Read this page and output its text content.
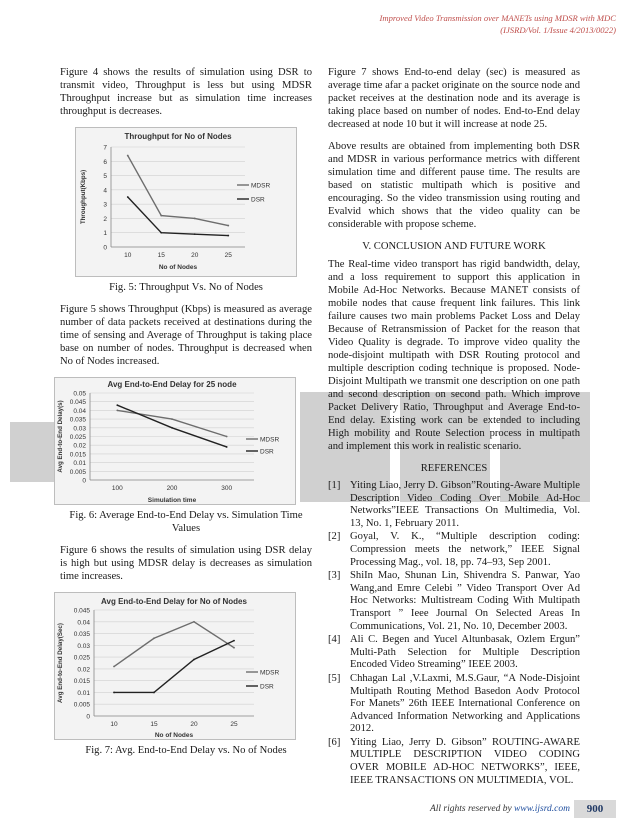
Improved Video Transmission over MANETs using MDSR with MDC
(IJSRD/Vol. 1/Issue 4/2013/0022)

Figure 4 shows the results of simulation using DSR to transmit video, Throughput is less but using MDSR Throughput increase but as simulation time increases throughput is decreases.

Throughput for No of Nodes
0
1
2
3
4
5
6
7
10	15	20	25
No of Nodes
Throughput(Kbps)	MDSR
DSR
Fig. 5: Throughput Vs. No of Nodes

Figure 5 shows Throughput (Kbps) is measured as average number of data packets received at destinations during the time of sensing and Average of Throughput is taking place base on number of nodes. Throughput is decreased when No of Nodes increased.

Avg End-to-End Delay for 25 node
0
0.005
0.01
0.015
0.02
0.025
0.03
0.035
0.04
0.045
0.05
100	200	300
Simulation time
Avg End-to-End Delay(s)	MDSR
DSR
Fig. 6: Average End-to-End Delay vs. Simulation Time Values

Figure 6 shows the results of simulation using DSR delay is high but using MDSR delay is decreases as simulation time increases.

Avg End-to-End Delay for No of Nodes
0
0.005
0.01
0.015
0.02
0.025
0.03
0.035
0.04
0.045
10	15	20	25
No of Nodes
Avg End-to-End Delay(Sec)	MDSR
DSR
Fig. 7: Avg. End-to-End Delay vs. No of Nodes

Figure 7 shows End-to-end delay (sec) is measured as average time afar a packet originate on the source node and packet receives at the destination node and its average is taking place based on number of nodes. End-to-End delay decreased at node 10 but it will increase at node 25.

Above results are obtained from implementing both DSR and MDSR in various performance metrics with different simulation time and different pause time. The results are based on statistic multipath which is positive and encouraging. So the video transmission using routing and Evalvid which shows that the video quality can be considerable with propose scheme.

V. CONCLUSION AND FUTURE WORK

The Real-time video transport has rigid bandwidth, delay, and a loss requirement to support this application in Mobile Ad-Hoc Networks. Because MANET consists of mobile nodes that cause frequent link failures. This link failure causes two main problems Packet Loss and Delay Because of Retransmission of Packet for the reason that Video Quality is degrade. To improve video quality the node-disjoint multipath with DSR Routing protocol and multiple description coding technique is proposed. Node-Disjoint Multipath we transmit one description on one path and second description on second path. Which improve Packet Delivery Ratio, Throughput and Average End-to-End delay. Existing work can be extended to including High mobility and Route Selection process in multipath and implement this work in realistic scenario.

REFERENCES
[1] Yiting Liao, Jerry D. Gibson”Routing-Aware Multiple Description Video Coding Over Mobile Ad-Hoc Networks”IEEE Transactions On Multimedia, Vol. 13, No. 1, February 2011.
[2] Goyal, V. K., “Multiple description coding: Compression meets the network,” IEEE Signal Processing Mag., vol. 18, pp. 74–93, Sep 2001.
[3] ShiIn Mao, Shunan Lin, Shivendra S. Panwar, Yao Wang,and Emre Celebi ” Video Transport Over Ad Hoc Networks: Multistream Coding With Multipath Transport ” Ieee Journal On Selected Areas In Communications, Vol. 21, No. 10, December 2003.
[4] Ali C. Begen and Yucel Altunbasak, Ozlem Ergun” Multi-Path Selection for Multiple Description Encoded Video Streaming” IEEE 2003.
[5] Chhagan Lal ,V.Laxmi, M.S.Gaur, “A Node-Disjoint Multipath Routing Method Basedon Aodv Protocol For Manets” 26th IEEE International Conference on Advanced Information Networking and Applications 2012.
[6] Yiting Liao, Jerry D. Gibson” ROUTING-AWARE MULTIPLE DESCRIPTION VIDEO CODING OVER MOBILE AD-HOC NETWORKS”, IEEE, IEEE TRANSACTIONS ON MULTIMEDIA, VOL.
All rights reserved by www.ijsrd.com	900
